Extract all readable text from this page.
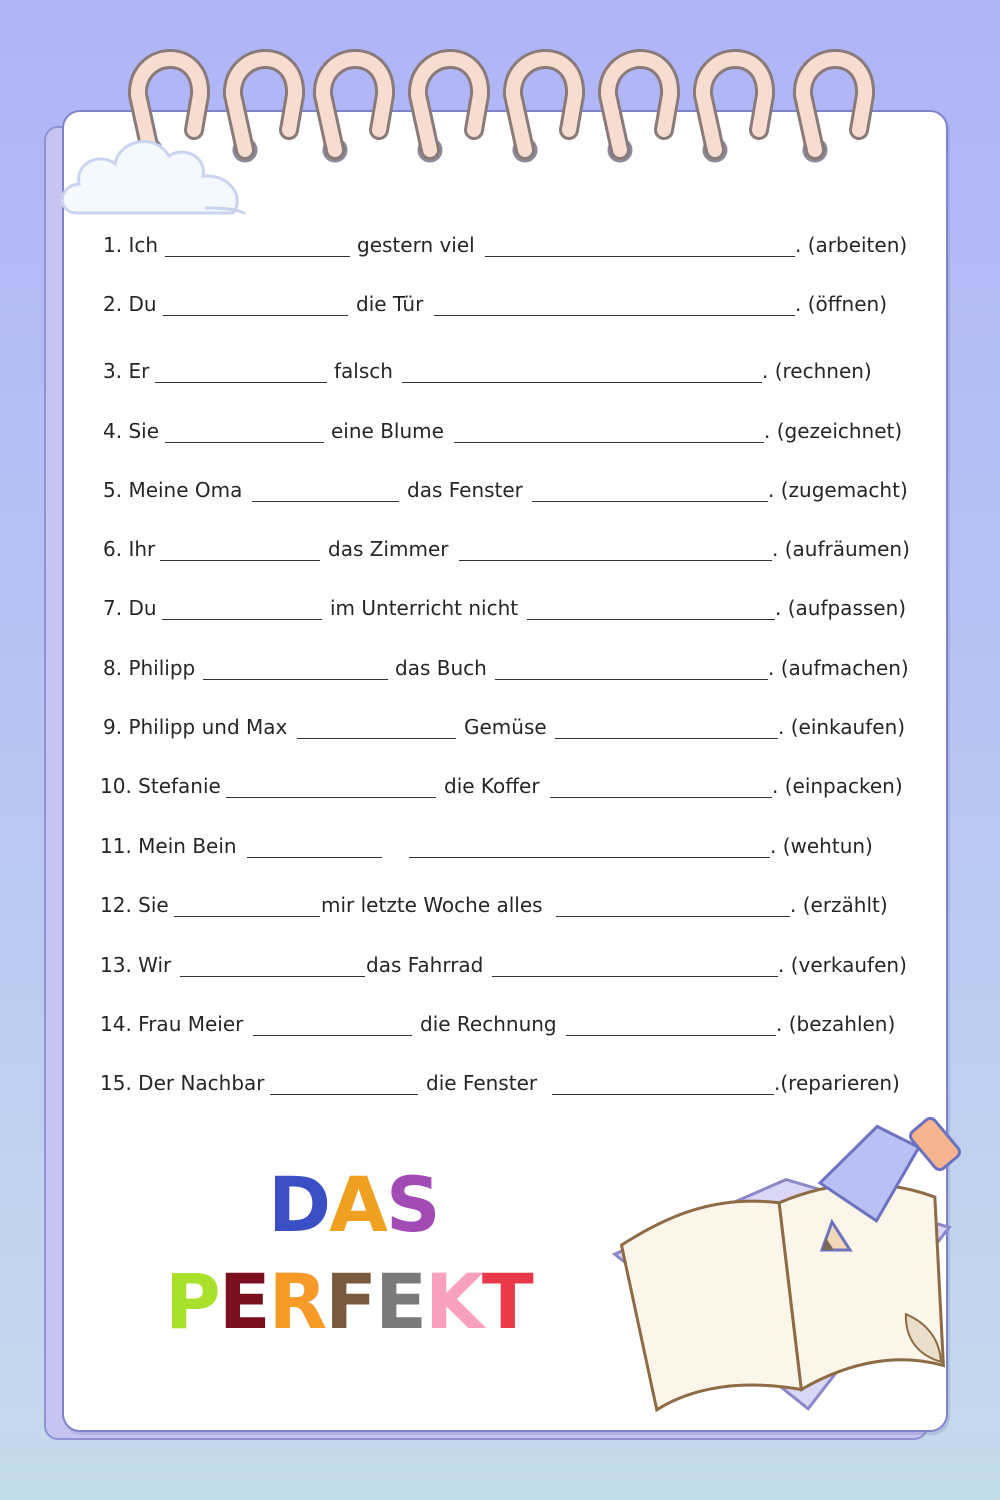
1. Ich	gestern viel	. (arbeiten)
2. Du	die Tür	. (öffnen)
3. Er	falsch	. (rechnen)
4. Sie	eine Blume	. (gezeichnet)
5. Meine Oma	das Fenster	. (zugemacht)
6. Ihr	das Zimmer	. (aufräumen)
7. Du	im Unterricht nicht	. (aufpassen)
8. Philipp	das Buch	. (aufmachen)
9. Philipp und Max	Gemüse	. (einkaufen)
10. Stefanie	die Koffer	. (einpacken)
11. Mein Bein	. (wehtun)
12. Sie	mir letzte Woche alles	. (erzählt)
13. Wir	das Fahrrad	. (verkaufen)
14. Frau Meier	die Rechnung	. (bezahlen)
15. Der Nachbar	die Fenster	.(reparieren)
DAS
PERFEKT
